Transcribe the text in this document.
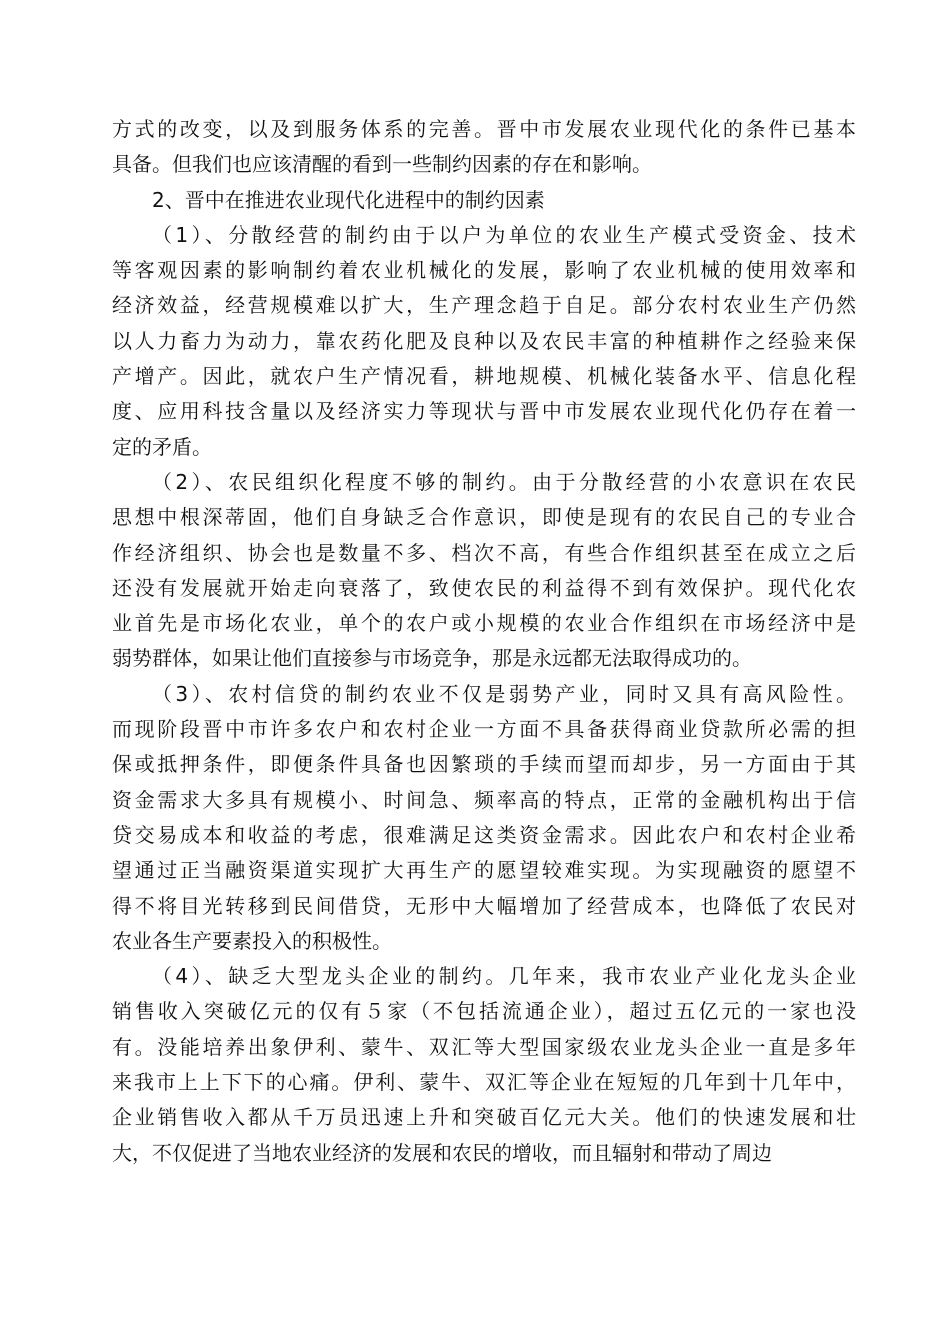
方式的改变，以及到服务体系的完善。晋中市发展农业现代化的条件已基本
具备。但我们也应该清醒的看到一些制约因素的存在和影响。

2、晋中在推进农业现代化进程中的制约因素

（1）、分散经营的制约由于以户为单位的农业生产模式受资金、技术
等客观因素的影响制约着农业机械化的发展，影响了农业机械的使用效率和
经济效益，经营规模难以扩大，生产理念趋于自足。部分农村农业生产仍然
以人力畜力为动力，靠农药化肥及良种以及农民丰富的种植耕作之经验来保
产增产。因此，就农户生产情况看，耕地规模、机械化装备水平、信息化程
度、应用科技含量以及经济实力等现状与晋中市发展农业现代化仍存在着一
定的矛盾。

（2）、农民组织化程度不够的制约。由于分散经营的小农意识在农民
思想中根深蒂固，他们自身缺乏合作意识，即使是现有的农民自己的专业合
作经济组织、协会也是数量不多、档次不高，有些合作组织甚至在成立之后
还没有发展就开始走向衰落了，致使农民的利益得不到有效保护。现代化农
业首先是市场化农业，单个的农户或小规模的农业合作组织在市场经济中是
弱势群体，如果让他们直接参与市场竞争，那是永远都无法取得成功的。

（3）、农村信贷的制约农业不仅是弱势产业，同时又具有高风险性。
而现阶段晋中市许多农户和农村企业一方面不具备获得商业贷款所必需的担
保或抵押条件，即便条件具备也因繁琐的手续而望而却步，另一方面由于其
资金需求大多具有规模小、时间急、频率高的特点，正常的金融机构出于信
贷交易成本和收益的考虑，很难满足这类资金需求。因此农户和农村企业希
望通过正当融资渠道实现扩大再生产的愿望较难实现。为实现融资的愿望不
得不将目光转移到民间借贷，无形中大幅增加了经营成本，也降低了农民对
农业各生产要素投入的积极性。

（4）、缺乏大型龙头企业的制约。几年来，我市农业产业化龙头企业
销售收入突破亿元的仅有５家（不包括流通企业），超过五亿元的一家也没
有。没能培养出象伊利、蒙牛、双汇等大型国家级农业龙头企业一直是多年
来我市上上下下的心痛。伊利、蒙牛、双汇等企业在短短的几年到十几年中，
企业销售收入都从千万员迅速上升和突破百亿元大关。他们的快速发展和壮
大，不仅促进了当地农业经济的发展和农民的增收，而且辐射和带动了周边
